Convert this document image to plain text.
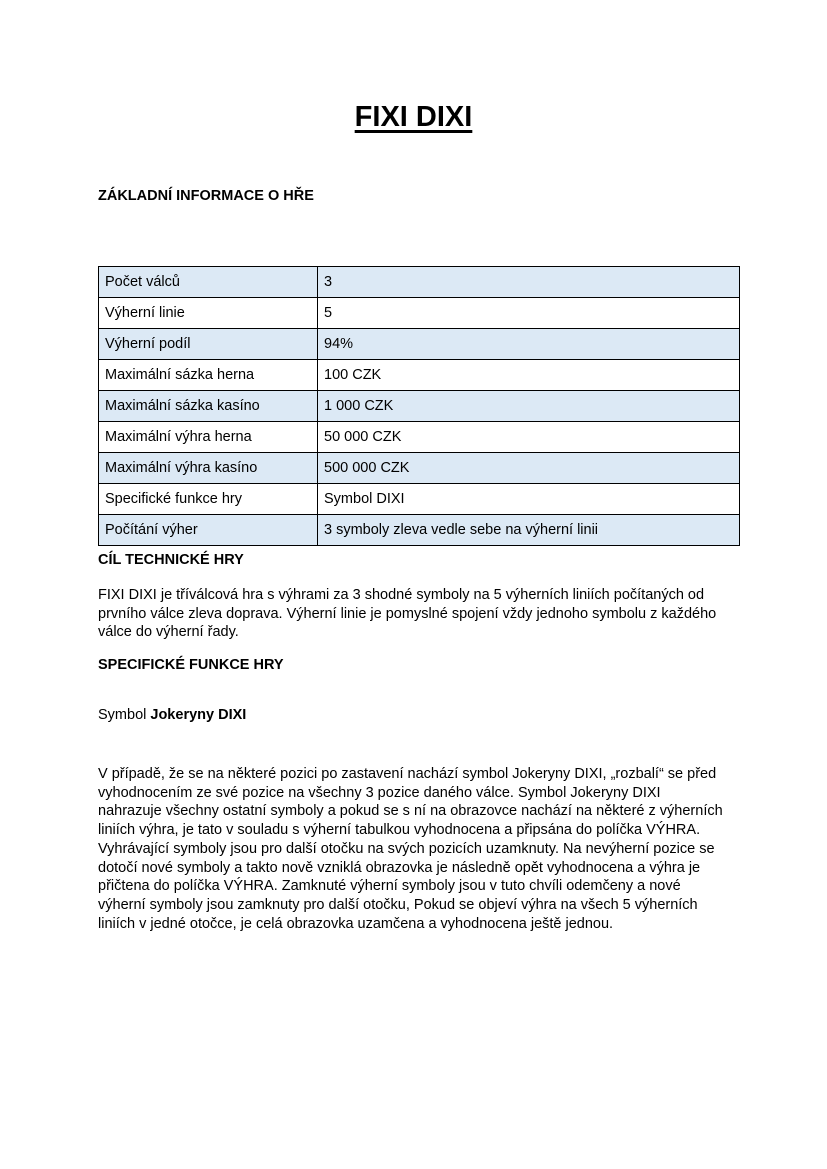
FIXI DIXI
ZÁKLADNÍ INFORMACE O HŘE
Počet válců	3
Výherní linie	5
Výherní podíl	94%
Maximální sázka herna	100 CZK
Maximální sázka kasíno	1 000 CZK
Maximální výhra herna	50 000 CZK
Maximální výhra kasíno	500 000 CZK
Specifické funkce hry	Symbol DIXI
Počítání výher	3 symboly zleva vedle sebe na výherní linii
CÍL TECHNICKÉ HRY

FIXI DIXI je tříválcová hra s výhrami za 3 shodné symboly na 5 výherních liniích počítaných od prvního válce zleva doprava. Výherní linie je pomyslné spojení vždy jednoho symbolu z každého válce do výherní řady.

SPECIFICKÉ FUNKCE HRY

Symbol Jokeryny DIXI

V případě, že se na některé pozici po zastavení nachází symbol Jokeryny DIXI, „rozbalí“ se před vyhodnocením ze své pozice na všechny 3 pozice daného válce. Symbol Jokeryny DIXI nahrazuje všechny ostatní symboly a pokud se s ní na obrazovce nachází na některé z výherních liniích výhra, je tato v souladu s výherní tabulkou vyhodnocena a připsána do políčka VÝHRA. Vyhrávající symboly jsou pro další otočku na svých pozicích uzamknuty. Na nevýherní pozice se dotočí nové symboly a takto nově vzniklá obrazovka je následně opět vyhodnocena a výhra je přičtena do políčka VÝHRA. Zamknuté výherní symboly jsou v tuto chvíli odemčeny a nové výherní symboly jsou zamknuty pro další otočku, Pokud se objeví výhra na všech 5 výherních liniích v jedné otočce, je celá obrazovka uzamčena a vyhodnocena ještě jednou.
